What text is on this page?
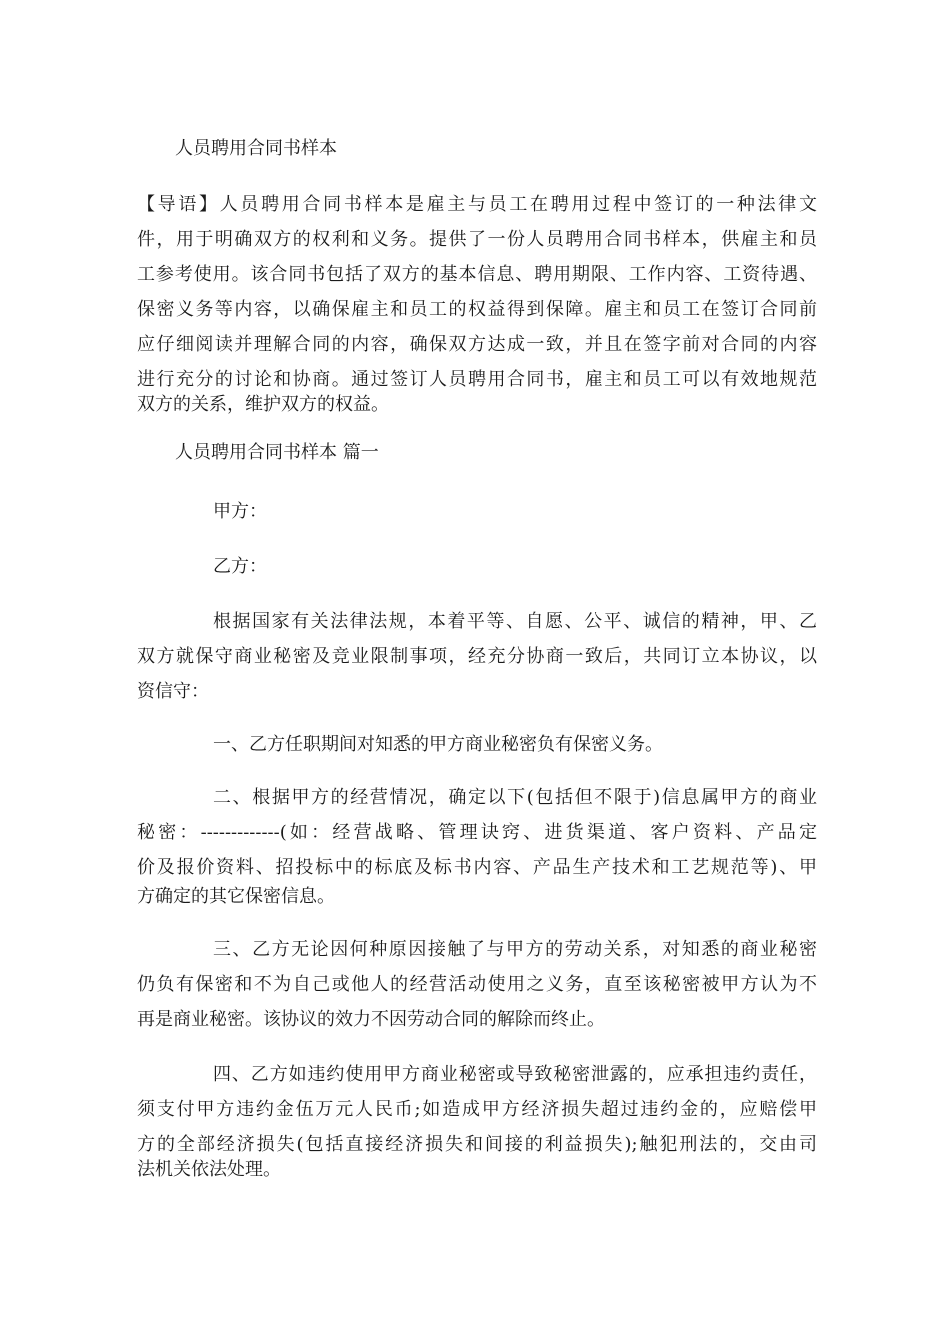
人员聘用合同书样本
【导语】人员聘用合同书样本是雇主与员工在聘用过程中签订的一种法律文
件，用于明确双方的权利和义务。提供了一份人员聘用合同书样本，供雇主和员
工参考使用。该合同书包括了双方的基本信息、聘用期限、工作内容、工资待遇、
保密义务等内容，以确保雇主和员工的权益得到保障。雇主和员工在签订合同前
应仔细阅读并理解合同的内容，确保双方达成一致，并且在签字前对合同的内容
进行充分的讨论和协商。通过签订人员聘用合同书，雇主和员工可以有效地规范
双方的关系，维护双方的权益。
人员聘用合同书样本 篇一
甲方：
乙方：
根据国家有关法律法规，本着平等、自愿、公平、诚信的精神，甲、乙
双方就保守商业秘密及竞业限制事项，经充分协商一致后，共同订立本协议，以
资信守：
一、乙方任职期间对知悉的甲方商业秘密负有保密义务。
二、根据甲方的经营情况，确定以下(包括但不限于)信息属甲方的商业
秘密：-------------(如：经营战略、管理诀窍、进货渠道、客户资料、产品定
价及报价资料、招投标中的标底及标书内容、产品生产技术和工艺规范等)、甲
方确定的其它保密信息。
三、乙方无论因何种原因接触了与甲方的劳动关系，对知悉的商业秘密
仍负有保密和不为自己或他人的经营活动使用之义务，直至该秘密被甲方认为不
再是商业秘密。该协议的效力不因劳动合同的解除而终止。
四、乙方如违约使用甲方商业秘密或导致秘密泄露的，应承担违约责任，
须支付甲方违约金伍万元人民币;如造成甲方经济损失超过违约金的，应赔偿甲
方的全部经济损失(包括直接经济损失和间接的利益损失);触犯刑法的，交由司
法机关依法处理。
